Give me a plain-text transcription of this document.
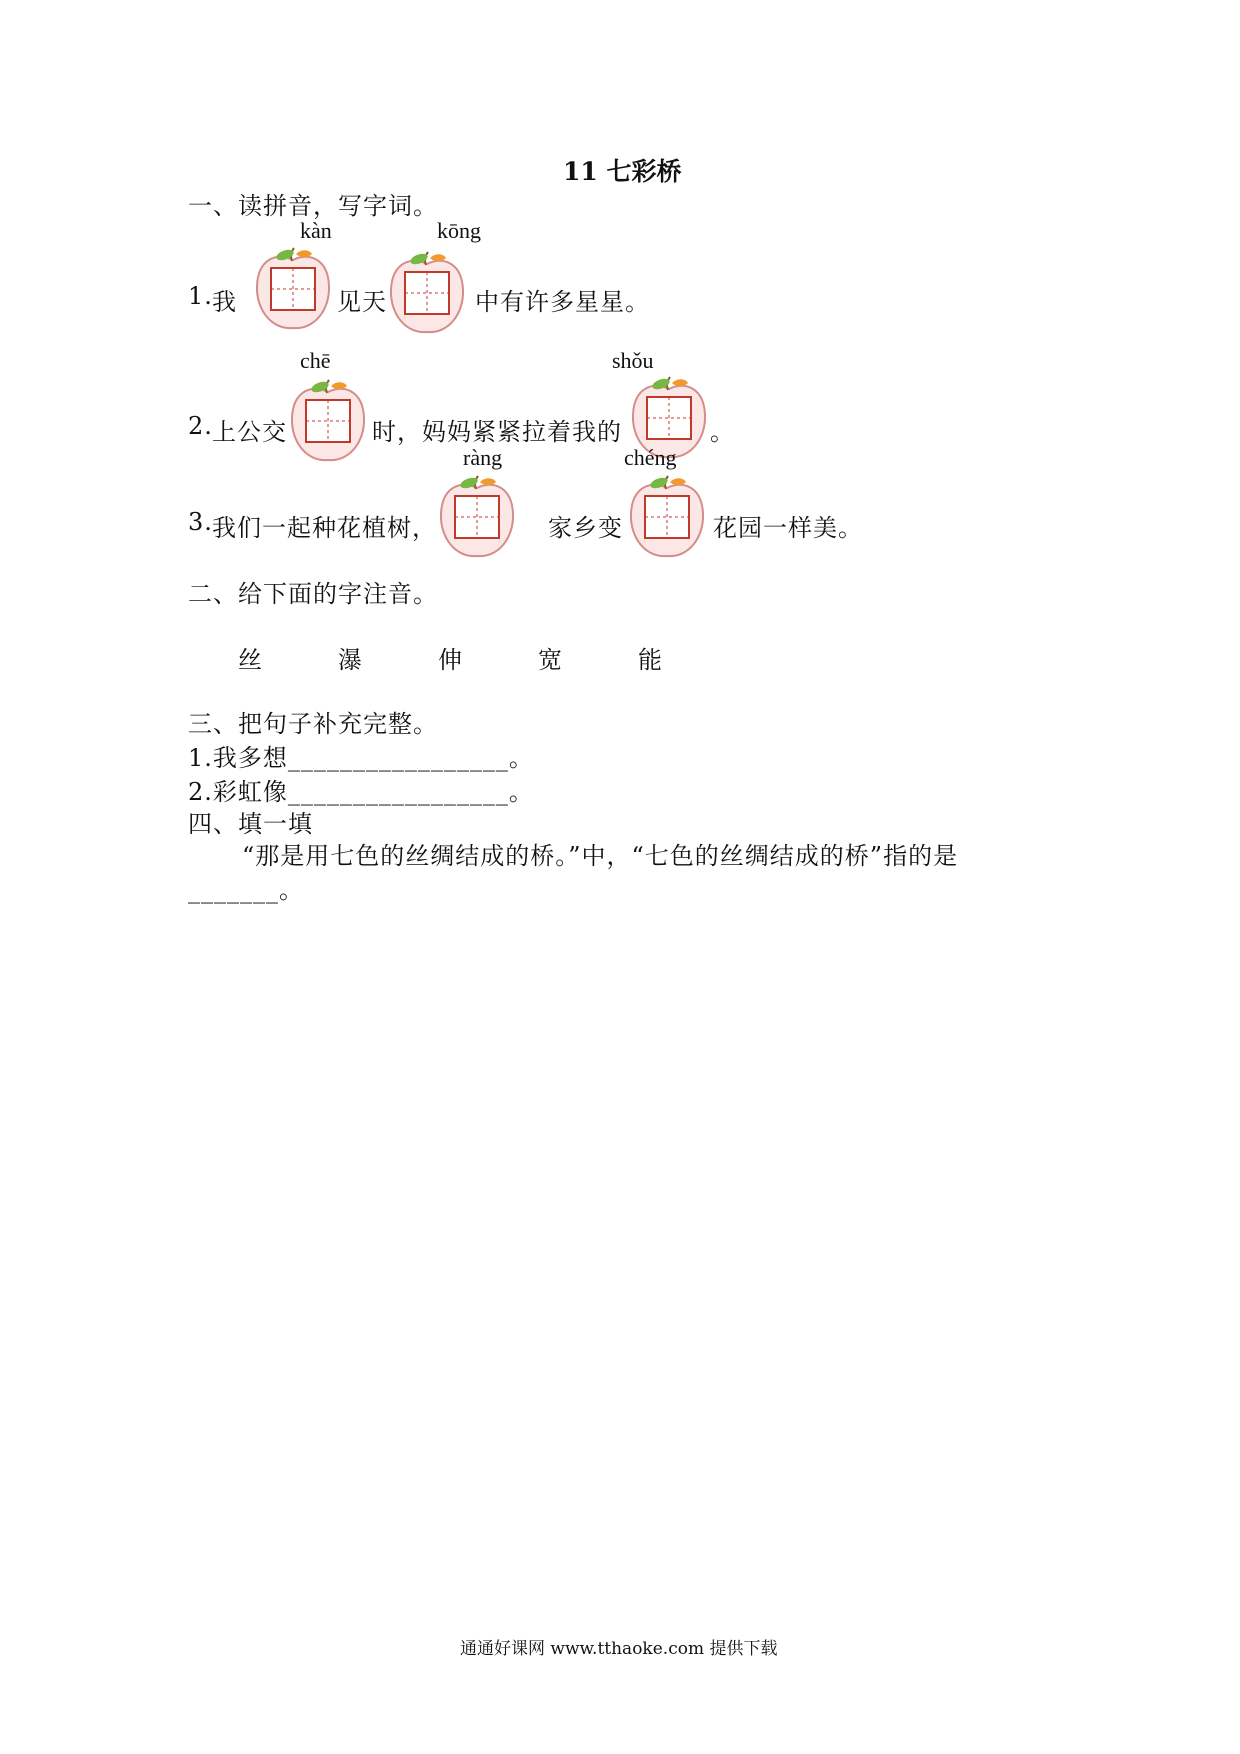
11 七彩桥
一、读拼音，写字词。
kàn	kōng
1. 我	见天	中有许多星星。
chē	shǒu
2. 上公交	时，妈妈紧紧拉着我的	。
ràng	chéng
3. 我们一起种花植树，	家乡变	花园一样美。
二、给下面的字注音。
丝	瀑	伸	宽	能
三、把句子补充完整。
1.我多想_________________。
2.彩虹像_________________。
四、填一填
“那是用七色的丝绸结成的桥。”中，“七色的丝绸结成的桥”指的是
_______。
通通好课网 www.tthaoke.com 提供下载
